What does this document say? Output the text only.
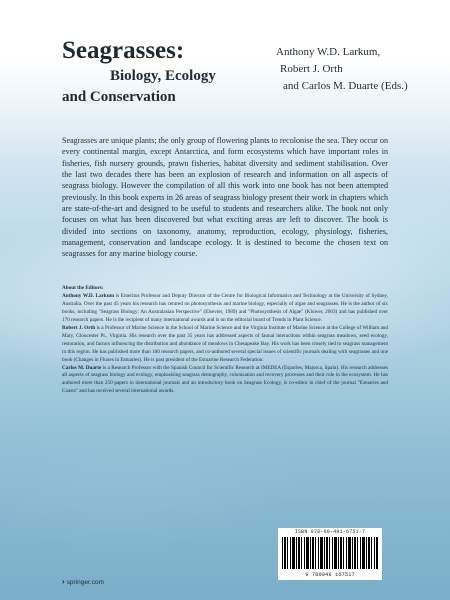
Seagrasses:
Biology, Ecology
and Conservation
Anthony W.D. Larkum,
Robert J. Orth
and Carlos M. Duarte (Eds.)

Seagrasses are unique plants; the only group of flowering plants to recolonise the sea. They occur on every continental margin, except Antarctica, and form ecosystems which have important roles in fisheries, fish nursery grounds, prawn fisheries, habitat diversity and sediment stabilisation. Over the last two decades there has been an explosion of research and information on all aspects of seagrass biology. However the compilation of all this work into one book has not been attempted previously. In this book experts in 26 areas of seagrass biology present their work in chapters which are state-of-the-art and designed to be useful to students and researchers alike. The book not only focuses on what has been discovered but what exciting areas are left to discover. The book is divided into sections on taxonomy, anatomy, reproduction, ecology, physiology, fisheries, management, conservation and landscape ecology. It is destined to become the chosen text on seagrasses for any marine biology course.

About the Editors:

Anthony W.D. Larkum is Emeritus Professor and Deputy Director of the Centre for Biological Informatics and Technology at the University of Sydney, Australia. Over the past 45 years his research has centred on photosynthesis and marine biology, especially of algae and seagrasses. He is the author of six books, including "Seagrass Biology: An Australasian Perspective" (Elsevier, 1989) and "Photosynthesis of Algae" (Kluwer, 2003) and has published over 170 research papers. He is the recipient of many international awards and is on the editorial board of Trends in Plant Science.

Robert J. Orth is a Professor of Marine Science in the School of Marine Science and the Virginia Institute of Marine Science at the College of William and Mary, Gloucester Pt., Virginia. His research over the past 35 years has addressed aspects of faunal interactions within seagrass meadows, seed ecology, restoration, and factors influencing the distribution and abundance of meadows in Chesapeake Bay. His work has been closely tied to seagrass management in this region. He has published more than 100 research papers, and co-authored several special issues of scientific journals dealing with seagrasses and one book (Changes in Fluxes in Estuaries). He is past president of the Estuarine Research Federation.

Carlos M. Duarte is a Research Professor with the Spanish Council for Scientific Research at IMEDEA (Esporles, Majorca, Spain). His research addresses all aspects of seagrass biology and ecology, emphasising seagrass demography, colonisation and recovery processes and their role in the ecosystem. He has authored more than 250 papers in international journals and an introductory book on Seagrass Ecology, is co-editor in chief of the journal "Estuaries and Coasts" and has received several international awards.

ISBN 978-90-481-6751-7
9 789048 167517
› springer.com
